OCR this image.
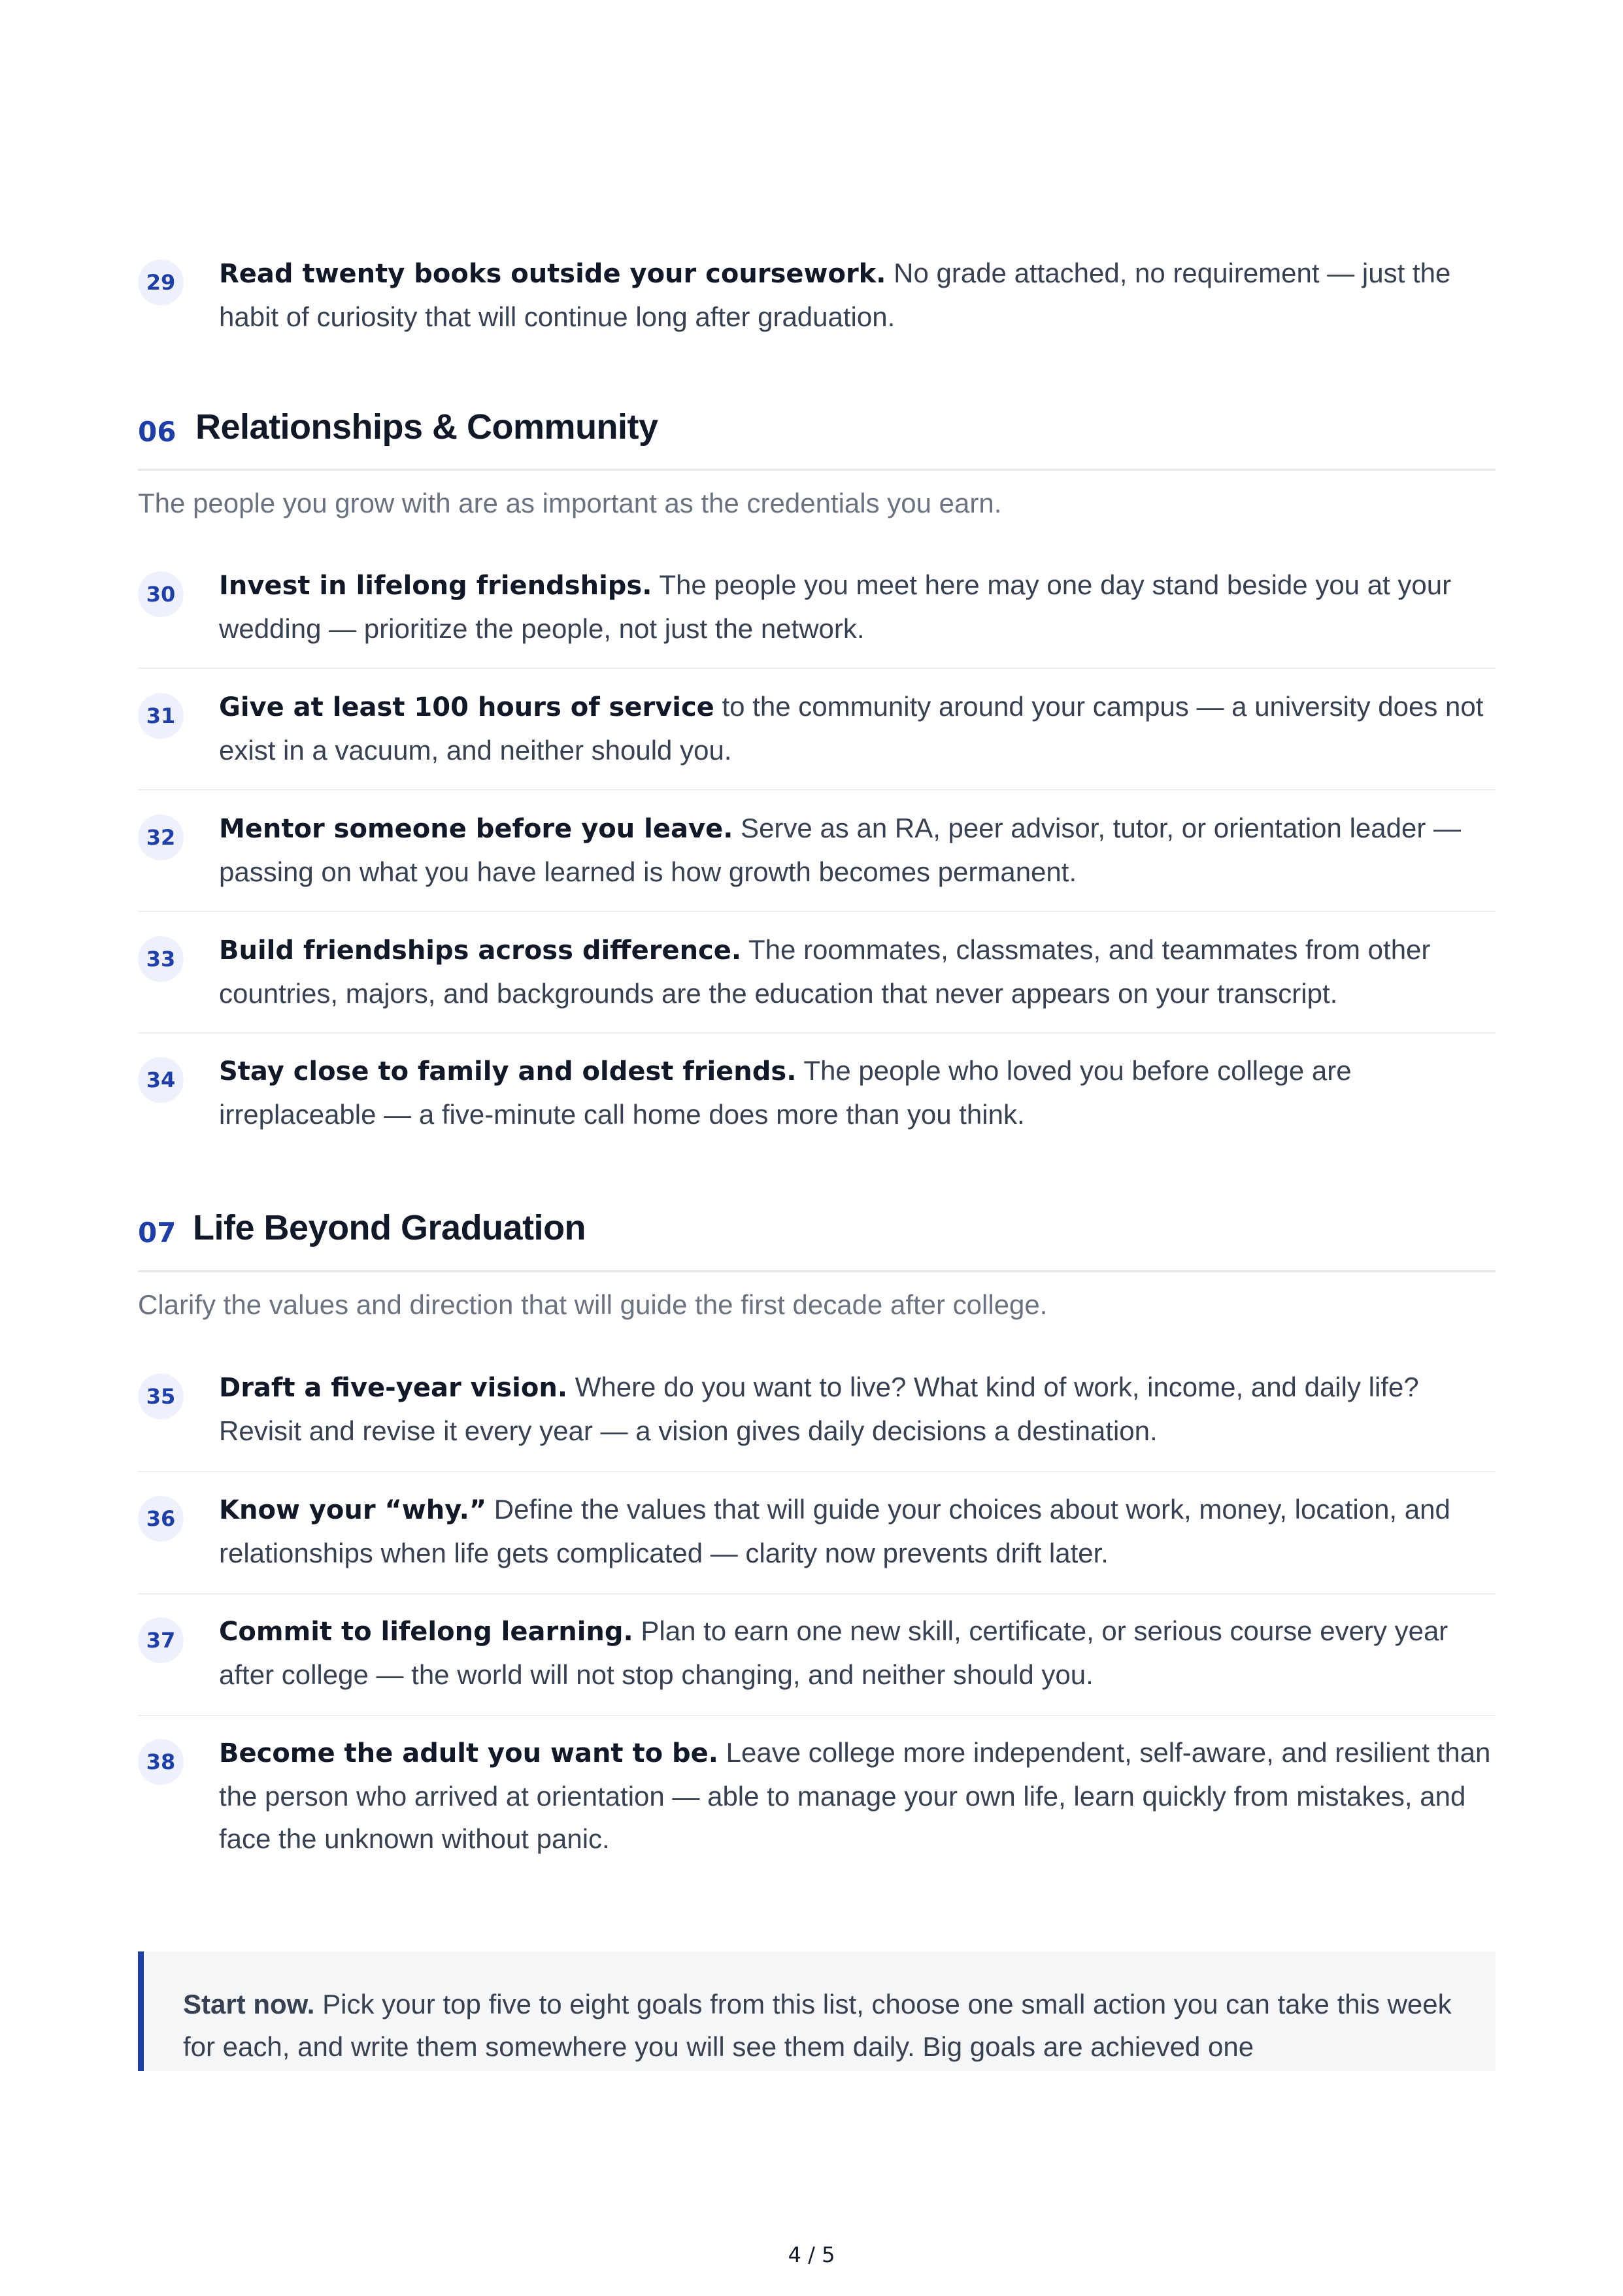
29	Read twenty books outside your coursework. No grade attached, no requirement — just the habit of curiosity that will continue long after graduation.
06 Relationships & Community
The people you grow with are as important as the credentials you earn.
30	Invest in lifelong friendships. The people you meet here may one day stand beside you at your wedding — prioritize the people, not just the network.
31	Give at least 100 hours of service to the community around your campus — a university does not exist in a vacuum, and neither should you.
32	Mentor someone before you leave. Serve as an RA, peer advisor, tutor, or orientation leader — passing on what you have learned is how growth becomes permanent.
33	Build friendships across difference. The roommates, classmates, and teammates from other countries, majors, and backgrounds are the education that never appears on your transcript.
34	Stay close to family and oldest friends. The people who loved you before college are irreplaceable — a five-minute call home does more than you think.
07 Life Beyond Graduation
Clarify the values and direction that will guide the first decade after college.
35	Draft a five-year vision. Where do you want to live? What kind of work, income, and daily life? Revisit and revise it every year — a vision gives daily decisions a destination.
36	Know your “why.” Define the values that will guide your choices about work, money, location, and relationships when life gets complicated — clarity now prevents drift later.
37	Commit to lifelong learning. Plan to earn one new skill, certificate, or serious course every year after college — the world will not stop changing, and neither should you.
38	Become the adult you want to be. Leave college more independent, self-aware, and resilient than the person who arrived at orientation — able to manage your own life, learn quickly from mistakes, and face the unknown without panic.
Start now. Pick your top five to eight goals from this list, choose one small action you can take this week for each, and write them somewhere you will see them daily. Big goals are achieved one
4 / 5
